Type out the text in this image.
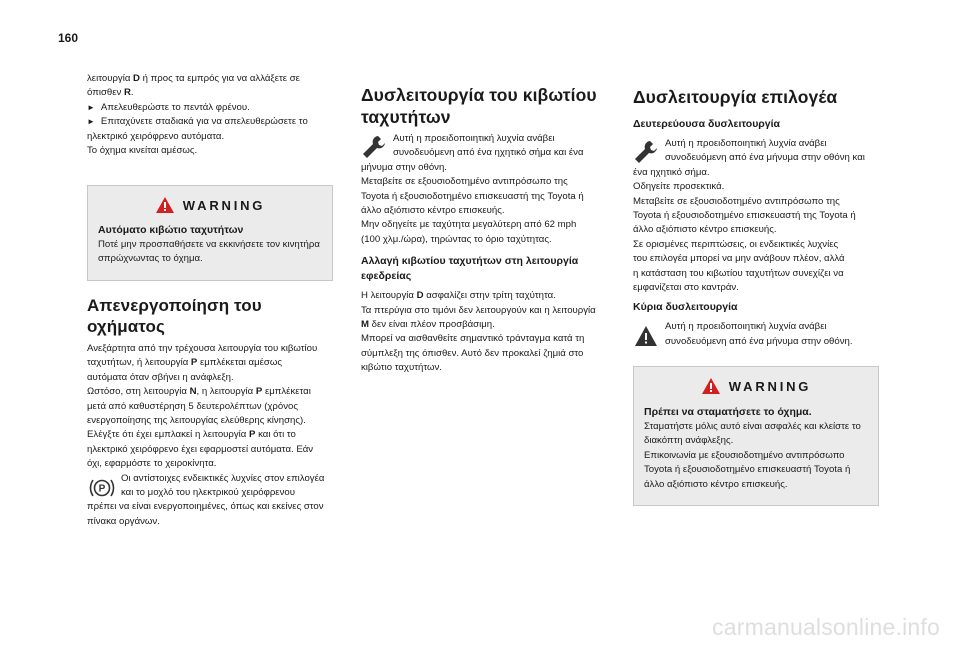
160

λειτουργία D ή προς τα εμπρός για να αλλάξετε σε

όπισθεν R.

► Απελευθερώστε το πεντάλ φρένου.

► Επιταχύνετε σταδιακά για να απελευθερώσετε το

ηλεκτρικό χειρόφρενο αυτόματα.

Το όχημα κινείται αμέσως.

WARNING
Αυτόματο κιβώτιο ταχυτήτων

Ποτέ μην προσπαθήσετε να εκκινήσετε τον κινητήρα

σπρώχνωντας το όχημα.

Απενεργοποίηση του οχήματος

Ανεξάρτητα από την τρέχουσα λειτουργία του κιβωτίου

ταχυτήτων, ή λειτουργία P εμπλέκεται αμέσως

αυτόματα όταν σβήνει η ανάφλεξη.

Ωστόσο, στη λειτουργία N, η λειτουργία P εμπλέκεται

μετά από καθυστέρηση 5 δευτερολέπτων (χρόνος

ενεργοποίησης της λειτουργίας ελεύθερης κίνησης).

Ελέγξτε ότι έχει εμπλακεί η λειτουργία P και ότι το

ηλεκτρικό χειρόφρενο έχει εφαρμοστεί αυτόματα. Εάν

όχι, εφαρμόστε το χειροκίνητα.

P

Οι αντίστοιχες ενδεικτικές λυχνίες στον επιλογέα

και το μοχλό του ηλεκτρικού χειρόφρενου

πρέπει να είναι ενεργοποιημένες, όπως και εκείνες στον

πίνακα οργάνων.

Δυσλειτουργία του κιβωτίου
ταχυτήτων

Αυτή η προειδοποιητική λυχνία ανάβει

συνοδευόμενη από ένα ηχητικό σήμα και ένα

μήνυμα στην οθόνη.

Μεταβείτε σε εξουσιοδοτημένο αντιπρόσωπο της

Toyota ή εξουσιοδοτημένο επισκευαστή της Toyota ή

άλλο αξιόπιστο κέντρο επισκευής.

Μην οδηγείτε με ταχύτητα μεγαλύτερη από 62 mph

(100 χλμ./ώρα), τηρώντας το όριο ταχύτητας.

Αλλαγή κιβωτίου ταχυτήτων στη λειτουργία
εφεδρείας

Η λειτουργία D ασφαλίζει στην τρίτη ταχύτητα.

Τα πτερύγια στο τιμόνι δεν λειτουργούν και η λειτουργία

M δεν είναι πλέον προσβάσιμη.

Μπορεί να αισθανθείτε σημαντικό τράνταγμα κατά τη

σύμπλεξη της όπισθεν. Αυτό δεν προκαλεί ζημιά στο

κιβώτιο ταχυτήτων.

Δυσλειτουργία επιλογέα
Δευτερεύουσα δυσλειτουργία

Αυτή η προειδοποιητική λυχνία ανάβει

συνοδευόμενη από ένα μήνυμα στην οθόνη και

ένα ηχητικό σήμα.

Οδηγείτε προσεκτικά.

Μεταβείτε σε εξουσιοδοτημένο αντιπρόσωπο της

Toyota ή εξουσιοδοτημένο επισκευαστή της Toyota ή

άλλο αξιόπιστο κέντρο επισκευής.

Σε ορισμένες περιπτώσεις, οι ενδεικτικές λυχνίες

του επιλογέα μπορεί να μην ανάβουν πλέον, αλλά

η κατάσταση του κιβωτίου ταχυτήτων συνεχίζει να

εμφανίζεται στο καντράν.

Κύρια δυσλειτουργία

Αυτή η προειδοποιητική λυχνία ανάβει

συνοδευόμενη από ένα μήνυμα στην οθόνη.

WARNING
Πρέπει να σταματήσετε το όχημα.

Σταματήστε μόλις αυτό είναι ασφαλές και κλείστε το

διακόπτη ανάφλεξης.

Επικοινωνία με εξουσιοδοτημένο αντιπρόσωπο

Toyota ή εξουσιοδοτημένο επισκευαστή Toyota ή

άλλο αξιόπιστο κέντρο επισκευής.

carmanualsonline.info
